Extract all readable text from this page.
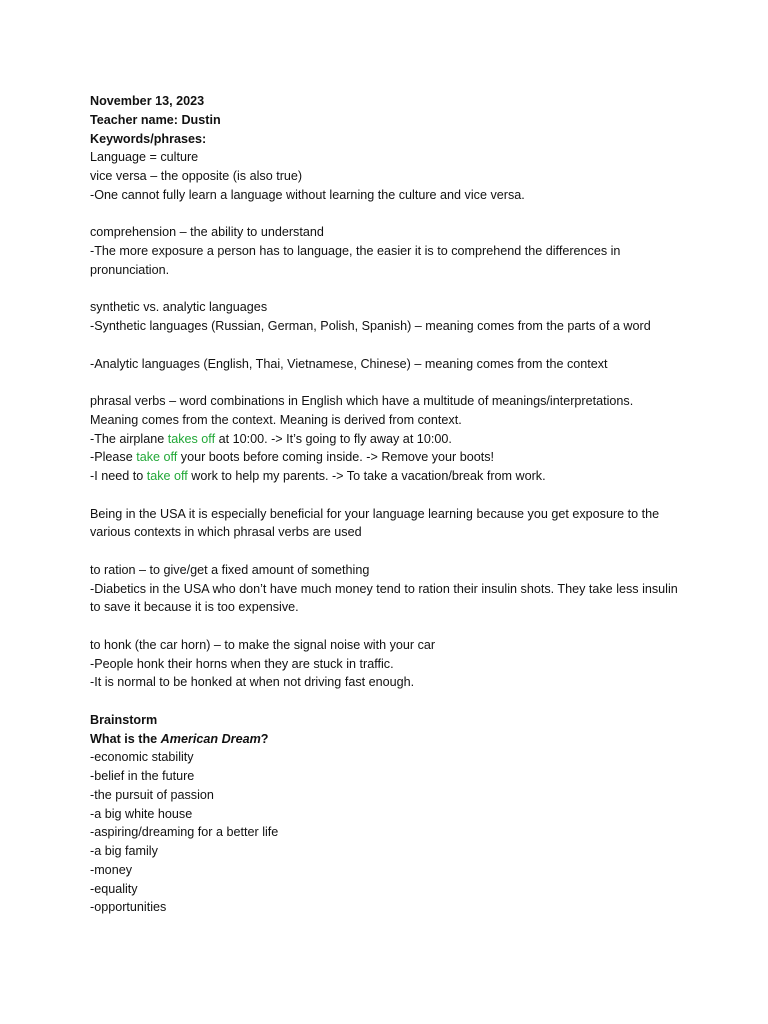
November 13, 2023
Teacher name: Dustin
Keywords/phrases:
Language = culture
vice versa – the opposite (is also true)
-One cannot fully learn a language without learning the culture and vice versa.
comprehension – the ability to understand
-The more exposure a person has to language, the easier it is to comprehend the differences in pronunciation.
synthetic vs. analytic languages
-Synthetic languages (Russian, German, Polish, Spanish) – meaning comes from the parts of a word
-Analytic languages (English, Thai, Vietnamese, Chinese) – meaning comes from the context
phrasal verbs – word combinations in English which have a multitude of meanings/interpretations.
Meaning comes from the context. Meaning is derived from context.
-The airplane takes off at 10:00. -> It’s going to fly away at 10:00.
-Please take off your boots before coming inside. -> Remove your boots!
-I need to take off work to help my parents. -> To take a vacation/break from work.
Being in the USA it is especially beneficial for your language learning because you get exposure to the various contexts in which phrasal verbs are used
to ration – to give/get a fixed amount of something
-Diabetics in the USA who don’t have much money tend to ration their insulin shots. They take less insulin to save it because it is too expensive.
to honk (the car horn) – to make the signal noise with your car
-People honk their horns when they are stuck in traffic.
-It is normal to be honked at when not driving fast enough.
Brainstorm
What is the American Dream?
-economic stability
-belief in the future
-the pursuit of passion
-a big white house
-aspiring/dreaming for a better life
-a big family
-money
-equality
-opportunities
